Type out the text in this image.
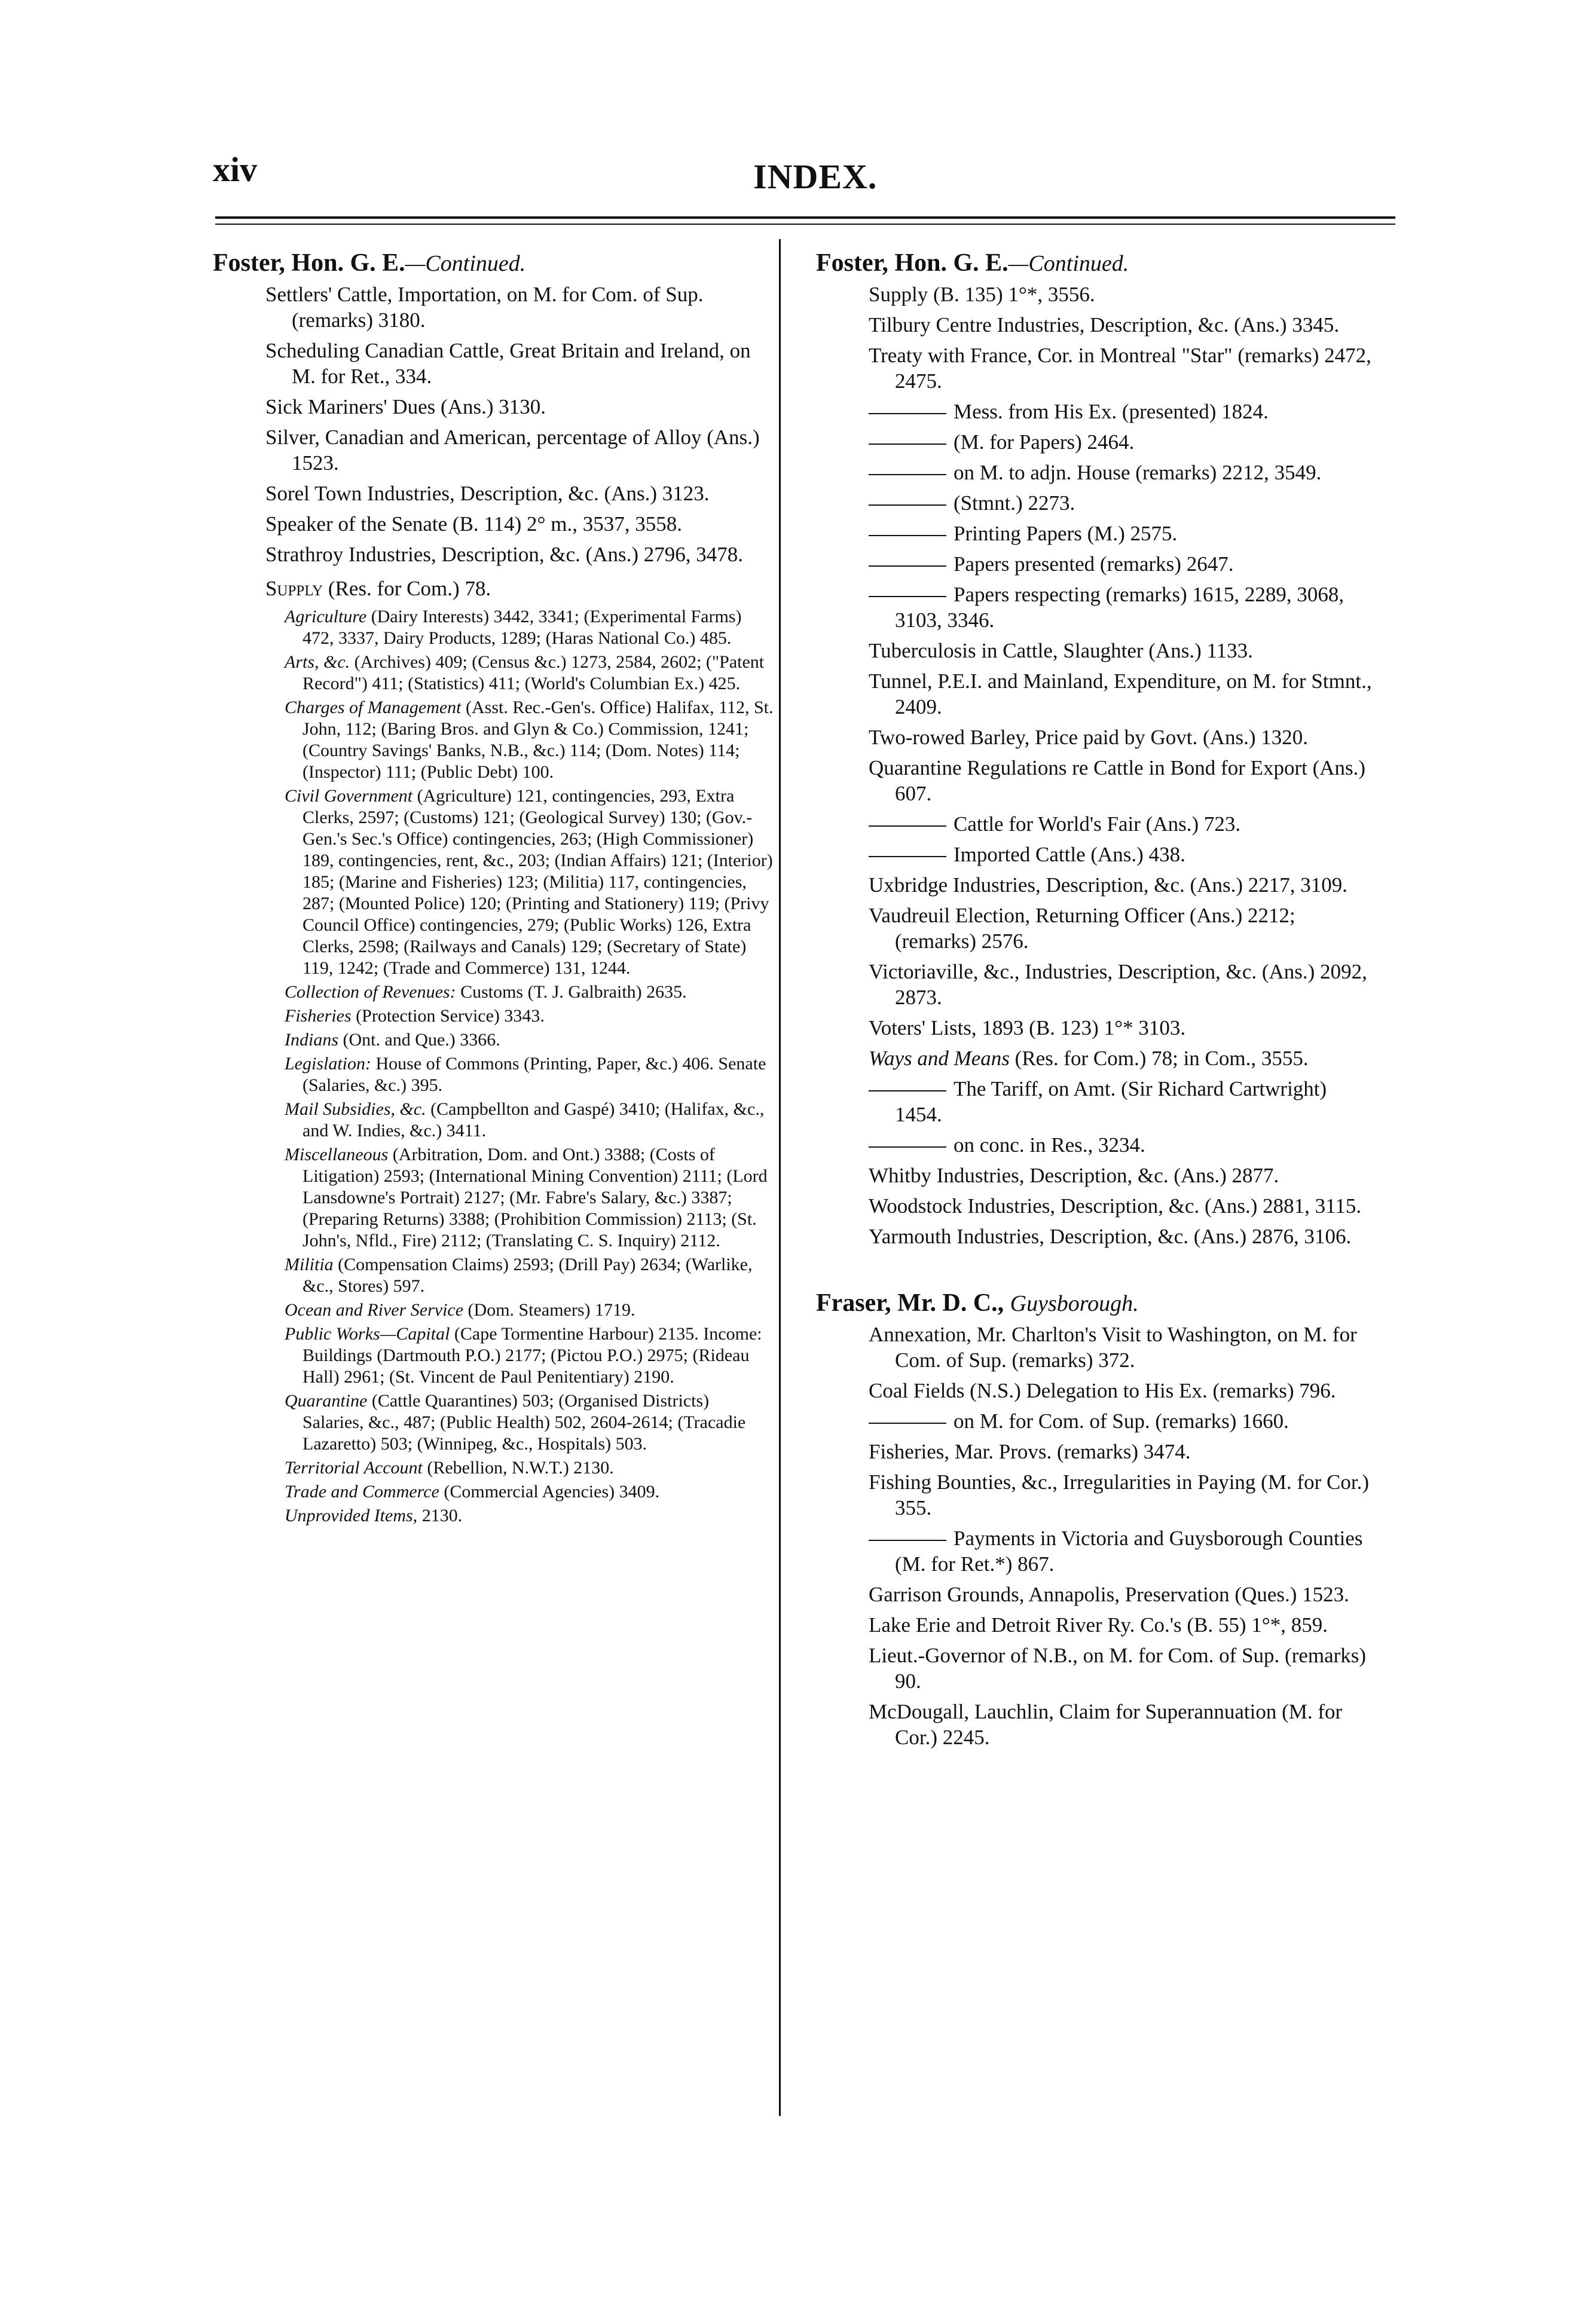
xiv	INDEX.
Foster, Hon. G. E.—Continued.
Settlers' Cattle, Importation, on M. for Com. of Sup. (remarks) 3180.
Scheduling Canadian Cattle, Great Britain and Ireland, on M. for Ret., 334.
Sick Mariners' Dues (Ans.) 3130.
Silver, Canadian and American, percentage of Alloy (Ans.) 1523.
Sorel Town Industries, Description, &c. (Ans.) 3123.
Speaker of the Senate (B. 114) 2° m., 3537, 3558.
Strathroy Industries, Description, &c. (Ans.) 2796, 3478.
Supply (Res. for Com.) 78.
Agriculture (Dairy Interests) 3442, 3341; (Experimental Farms) 472, 3337, Dairy Products, 1289; (Haras National Co.) 485.
Arts, &c. (Archives) 409; (Census &c.) 1273, 2584, 2602; ("Patent Record") 411; (Statistics) 411; (World's Columbian Ex.) 425.
Charges of Management (Asst. Rec.-Gen's. Office) Halifax, 112, St. John, 112; (Baring Bros. and Glyn & Co.) Commission, 1241; (Country Savings' Banks, N.B., &c.) 114; (Dom. Notes) 114; (Inspector) 111; (Public Debt) 100.
Civil Government (Agriculture) 121, contingencies, 293, Extra Clerks, 2597; (Customs) 121; (Geological Survey) 130; (Gov.-Gen.'s Sec.'s Office) contingencies, 263; (High Commissioner) 189, contingencies, rent, &c., 203; (Indian Affairs) 121; (Interior) 185; (Marine and Fisheries) 123; (Militia) 117, contingencies, 287; (Mounted Police) 120; (Printing and Stationery) 119; (Privy Council Office) contingencies, 279; (Public Works) 126, Extra Clerks, 2598; (Railways and Canals) 129; (Secretary of State) 119, 1242; (Trade and Commerce) 131, 1244.
Collection of Revenues: Customs (T. J. Galbraith) 2635.
Fisheries (Protection Service) 3343.
Indians (Ont. and Que.) 3366.
Legislation: House of Commons (Printing, Paper, &c.) 406. Senate (Salaries, &c.) 395.
Mail Subsidies, &c. (Campbellton and Gaspé) 3410; (Halifax, &c., and W. Indies, &c.) 3411.
Miscellaneous (Arbitration, Dom. and Ont.) 3388; (Costs of Litigation) 2593; (International Mining Convention) 2111; (Lord Lansdowne's Portrait) 2127; (Mr. Fabre's Salary, &c.) 3387; (Preparing Returns) 3388; (Prohibition Commission) 2113; (St. John's, Nfld., Fire) 2112; (Translating C. S. Inquiry) 2112.
Militia (Compensation Claims) 2593; (Drill Pay) 2634; (Warlike, &c., Stores) 597.
Ocean and River Service (Dom. Steamers) 1719.
Public Works—Capital (Cape Tormentine Harbour) 2135. Income: Buildings (Dartmouth P.O.) 2177; (Pictou P.O.) 2975; (Rideau Hall) 2961; (St. Vincent de Paul Penitentiary) 2190.
Quarantine (Cattle Quarantines) 503; (Organised Districts) Salaries, &c., 487; (Public Health) 502, 2604-2614; (Tracadie Lazaretto) 503; (Winnipeg, &c., Hospitals) 503.
Territorial Account (Rebellion, N.W.T.) 2130.
Trade and Commerce (Commercial Agencies) 3409.
Unprovided Items, 2130.
Foster, Hon. G. E.—Continued.
Supply (B. 135) 1°*, 3556.
Tilbury Centre Industries, Description, &c. (Ans.) 3345.
Treaty with France, Cor. in Montreal "Star" (remarks) 2472, 2475.
Mess. from His Ex. (presented) 1824.
(M. for Papers) 2464.
on M. to adjn. House (remarks) 2212, 3549.
(Stmnt.) 2273.
Printing Papers (M.) 2575.
Papers presented (remarks) 2647.
Papers respecting (remarks) 1615, 2289, 3068, 3103, 3346.
Tuberculosis in Cattle, Slaughter (Ans.) 1133.
Tunnel, P.E.I. and Mainland, Expenditure, on M. for Stmnt., 2409.
Two-rowed Barley, Price paid by Govt. (Ans.) 1320.
Quarantine Regulations re Cattle in Bond for Export (Ans.) 607.
Cattle for World's Fair (Ans.) 723.
Imported Cattle (Ans.) 438.
Uxbridge Industries, Description, &c. (Ans.) 2217, 3109.
Vaudreuil Election, Returning Officer (Ans.) 2212; (remarks) 2576.
Victoriaville, &c., Industries, Description, &c. (Ans.) 2092, 2873.
Voters' Lists, 1893 (B. 123) 1°* 3103.
Ways and Means (Res. for Com.) 78; in Com., 3555.
The Tariff, on Amt. (Sir Richard Cartwright) 1454.
on conc. in Res., 3234.
Whitby Industries, Description, &c. (Ans.) 2877.
Woodstock Industries, Description, &c. (Ans.) 2881, 3115.
Yarmouth Industries, Description, &c. (Ans.) 2876, 3106.
Fraser, Mr. D. C., Guysborough.
Annexation, Mr. Charlton's Visit to Washington, on M. for Com. of Sup. (remarks) 372.
Coal Fields (N.S.) Delegation to His Ex. (remarks) 796.
on M. for Com. of Sup. (remarks) 1660.
Fisheries, Mar. Provs. (remarks) 3474.
Fishing Bounties, &c., Irregularities in Paying (M. for Cor.) 355.
Payments in Victoria and Guysborough Counties (M. for Ret.*) 867.
Garrison Grounds, Annapolis, Preservation (Ques.) 1523.
Lake Erie and Detroit River Ry. Co.'s (B. 55) 1°*, 859.
Lieut.-Governor of N.B., on M. for Com. of Sup. (remarks) 90.
McDougall, Lauchlin, Claim for Superannuation (M. for Cor.) 2245.
